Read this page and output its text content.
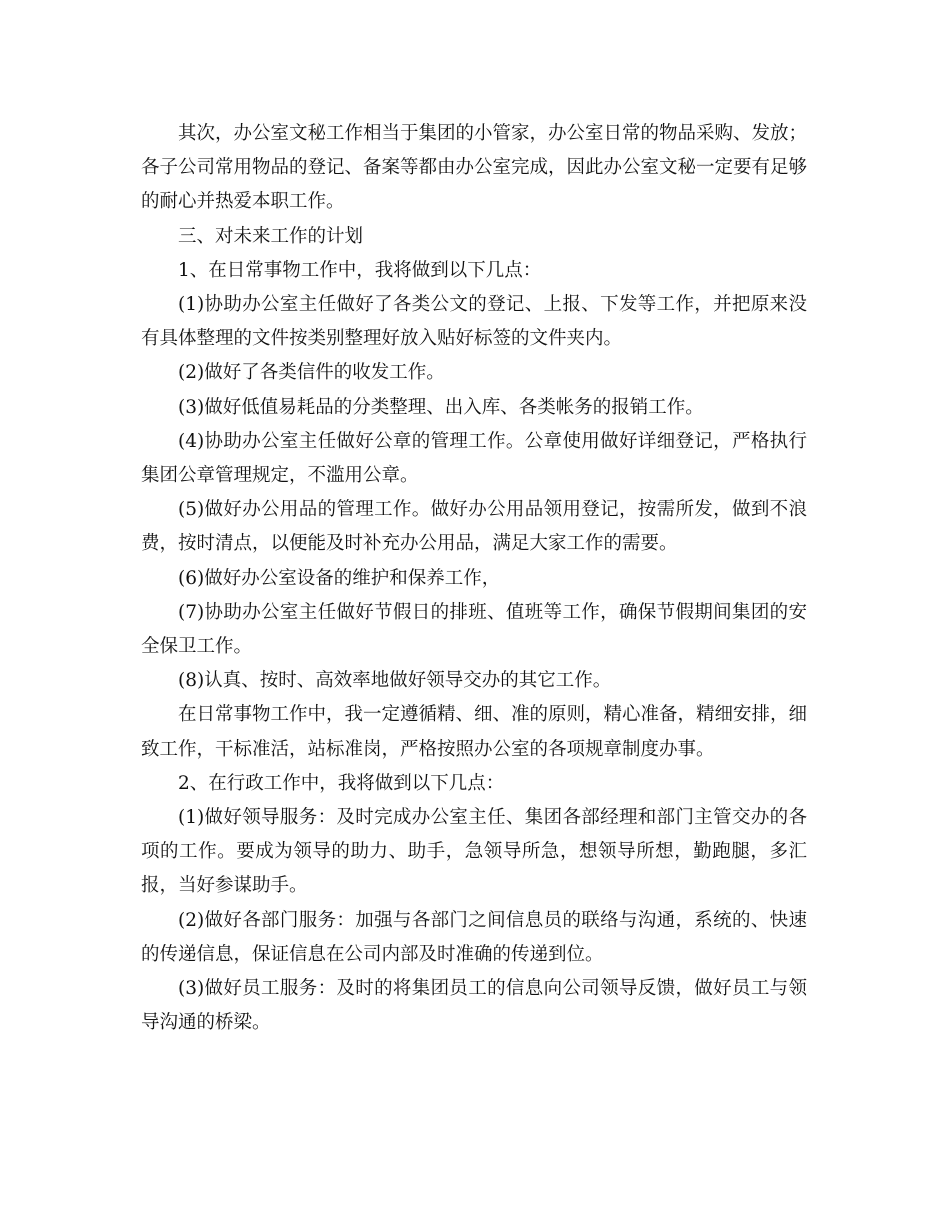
其次，办公室文秘工作相当于集团的小管家，办公室日常的物品采购、发放；各子公司常用物品的登记、备案等都由办公室完成，因此办公室文秘一定要有足够的耐心并热爱本职工作。

三、对未来工作的计划

1、在日常事物工作中，我将做到以下几点：

(1)协助办公室主任做好了各类公文的登记、上报、下发等工作，并把原来没有具体整理的文件按类别整理好放入贴好标签的文件夹内。

(2)做好了各类信件的收发工作。

(3)做好低值易耗品的分类整理、出入库、各类帐务的报销工作。

(4)协助办公室主任做好公章的管理工作。公章使用做好详细登记，严格执行集团公章管理规定，不滥用公章。

(5)做好办公用品的管理工作。做好办公用品领用登记，按需所发，做到不浪费，按时清点，以便能及时补充办公用品，满足大家工作的需要。

(6)做好办公室设备的维护和保养工作，

(7)协助办公室主任做好节假日的排班、值班等工作，确保节假期间集团的安全保卫工作。

(8)认真、按时、高效率地做好领导交办的其它工作。

在日常事物工作中，我一定遵循精、细、准的原则，精心准备，精细安排，细致工作，干标准活，站标准岗，严格按照办公室的各项规章制度办事。

2、在行政工作中，我将做到以下几点：

(1)做好领导服务：及时完成办公室主任、集团各部经理和部门主管交办的各项的工作。要成为领导的助力、助手，急领导所急，想领导所想，勤跑腿，多汇报，当好参谋助手。

(2)做好各部门服务：加强与各部门之间信息员的联络与沟通，系统的、快速的传递信息，保证信息在公司内部及时准确的传递到位。

(3)做好员工服务：及时的将集团员工的信息向公司领导反馈，做好员工与领导沟通的桥梁。
